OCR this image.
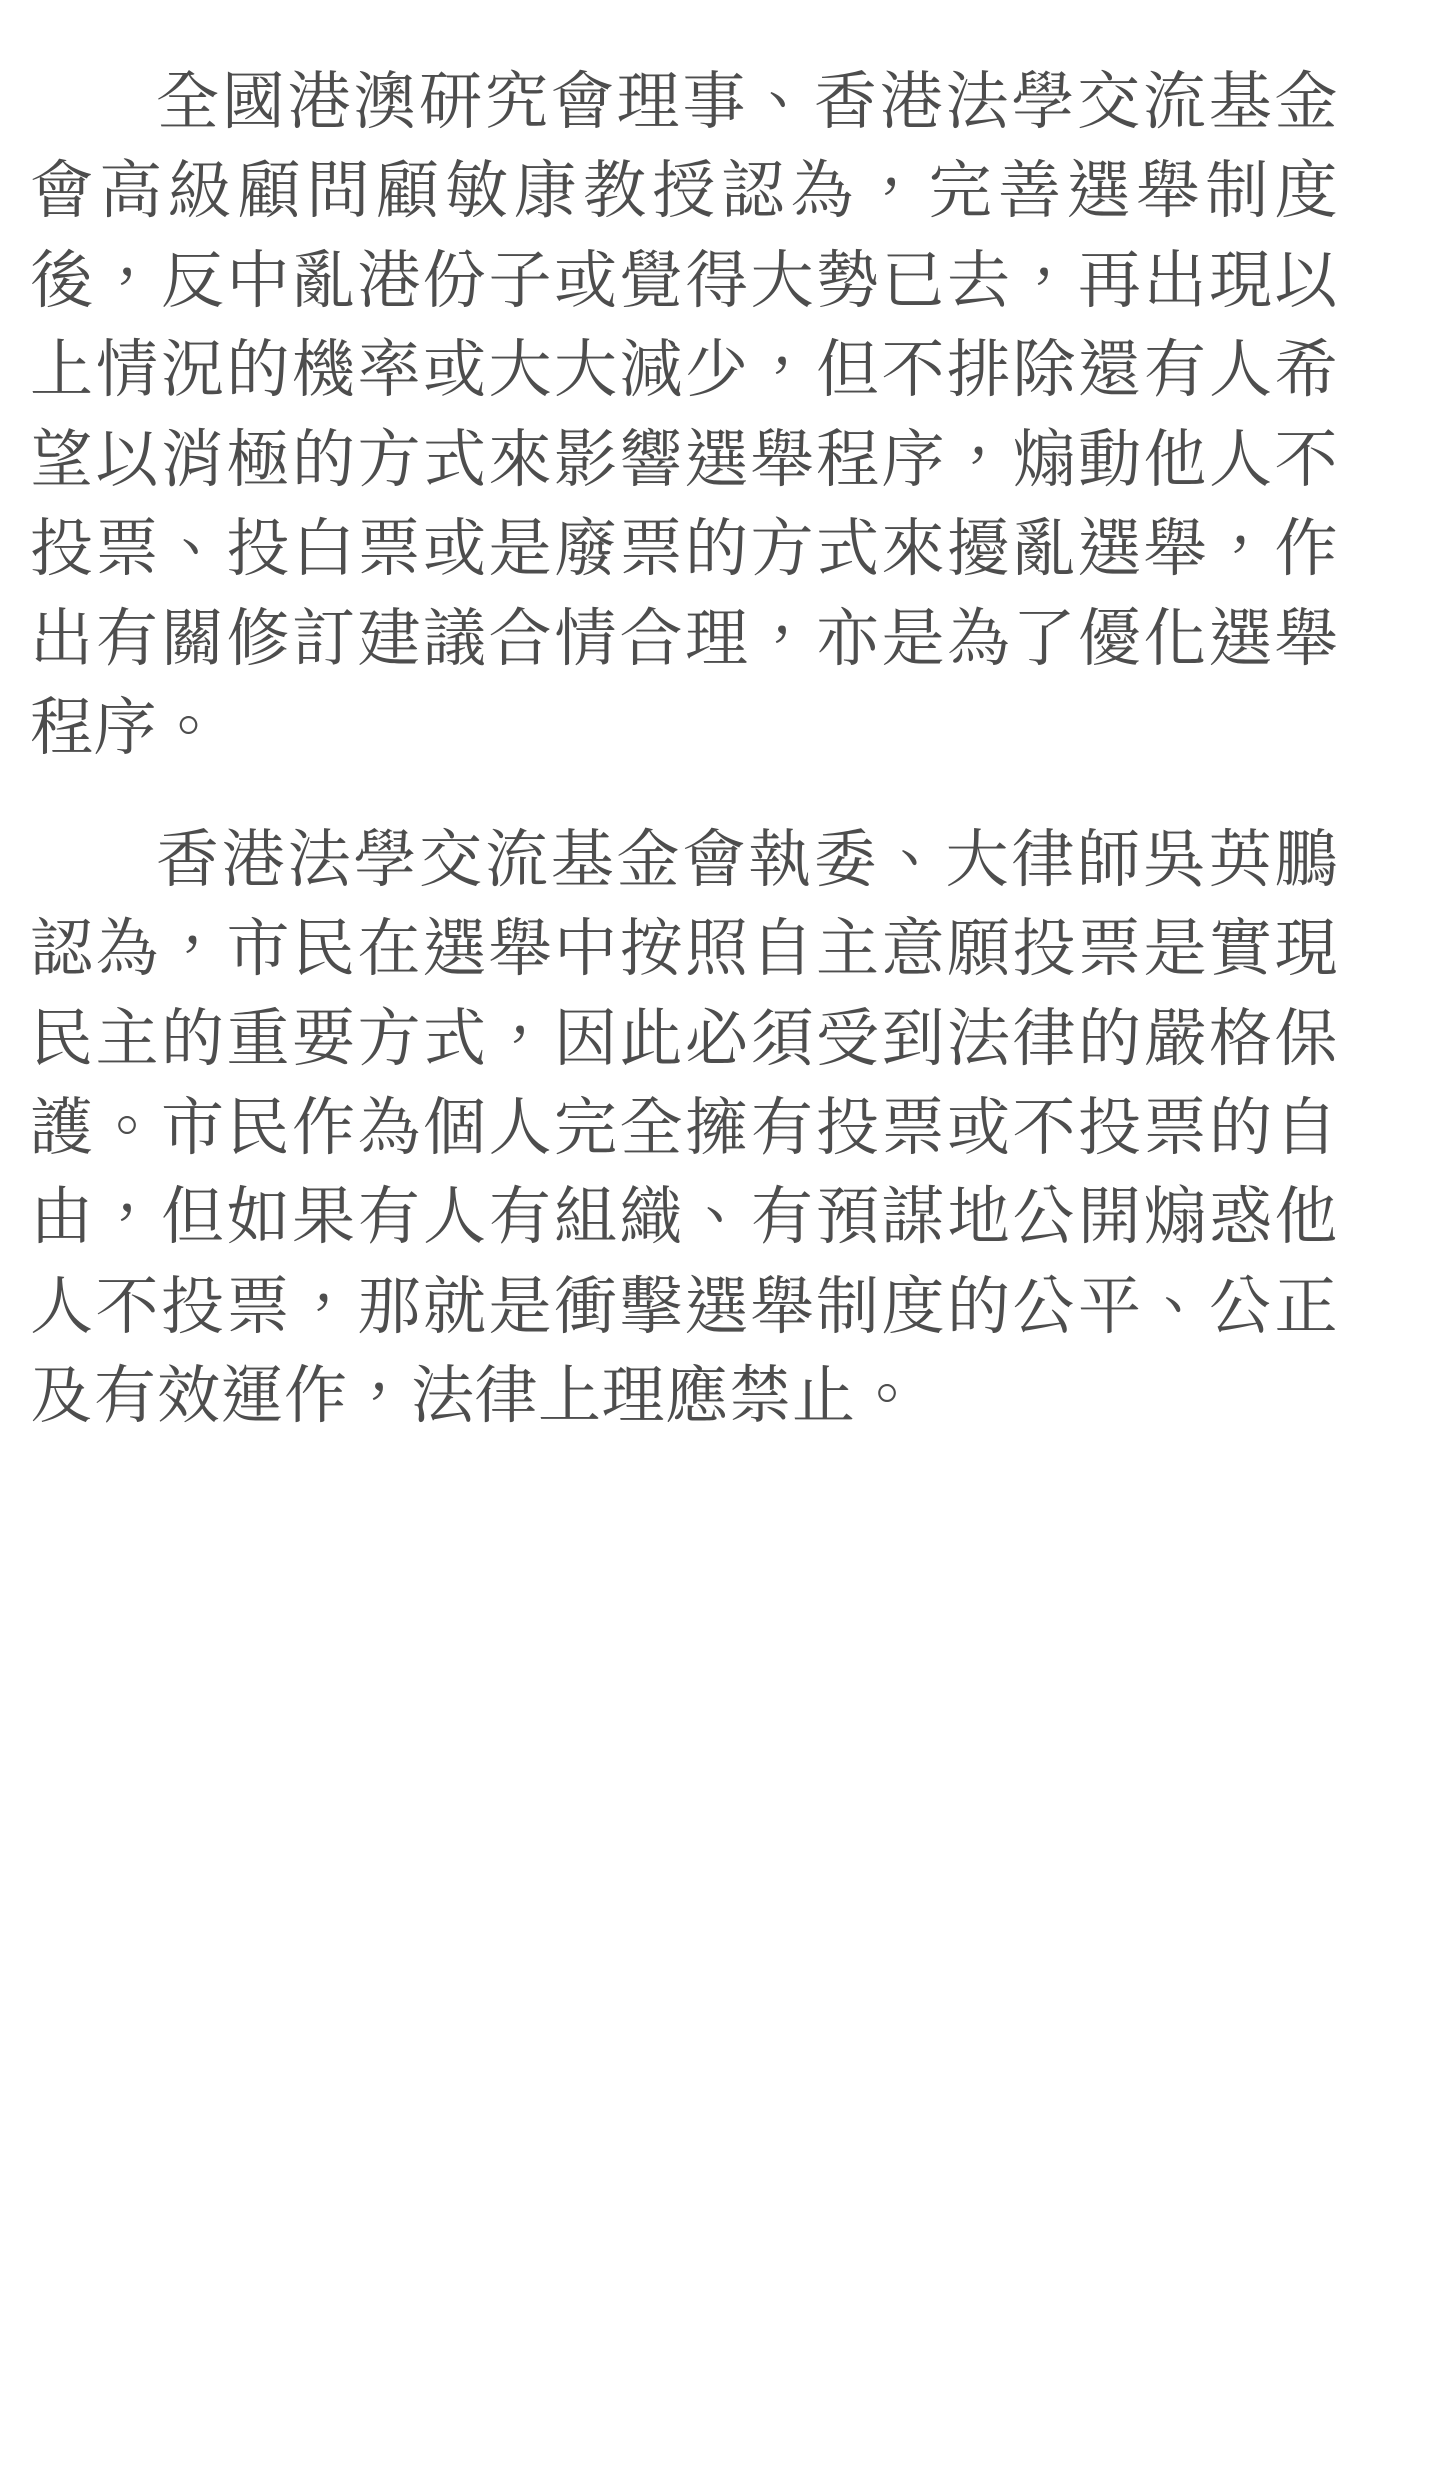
全國港澳研究會理事、香港法學交流基金會高級顧問顧敏康教授認為，完善選舉制度後，反中亂港份子或覺得大勢已去，再出現以上情況的機率或大大減少，但不排除還有人希望以消極的方式來影響選舉程序，煽動他人不投票、投白票或是廢票的方式來擾亂選舉，作出有關修訂建議合情合理，亦是為了優化選舉程序。

香港法學交流基金會執委、大律師吳英鵬認為，市民在選舉中按照自主意願投票是實現民主的重要方式，因此必須受到法律的嚴格保護。市民作為個人完全擁有投票或不投票的自由，但如果有人有組織、有預謀地公開煽惑他人不投票，那就是衝擊選舉制度的公平、公正及有效運作，法律上理應禁止。
